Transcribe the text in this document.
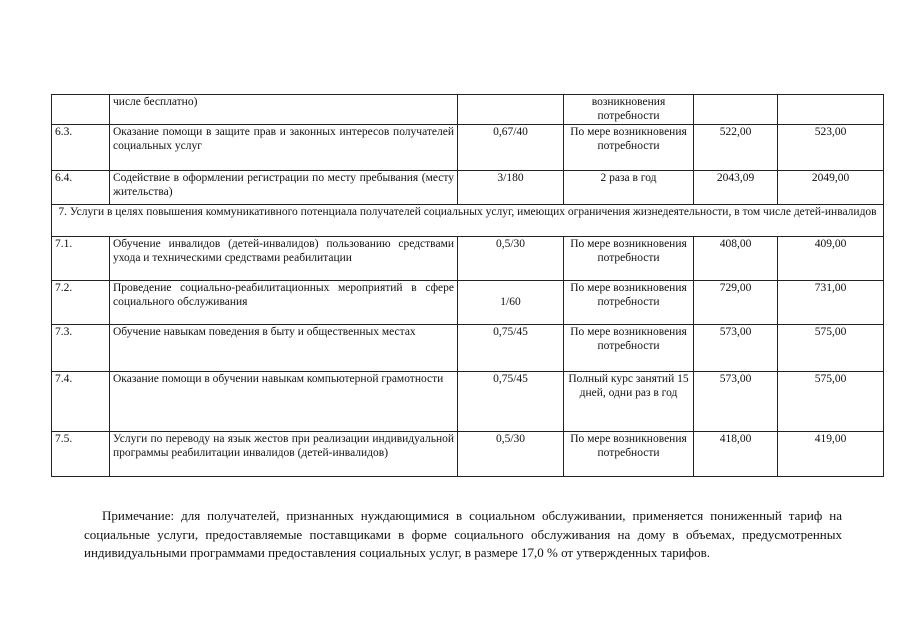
	числе бесплатно)		возникновения потребности		
6.3.	Оказание помощи в защите прав и законных интересов получателей социальных услуг	0,67/40	По мере возникновения потребности	522,00	523,00
6.4.	Содействие в оформлении регистрации по месту пребывания (месту жительства)	3/180	2 раза в год	2043,09	2049,00
7. Услуги в целях повышения коммуникативного потенциала получателей социальных услуг, имеющих ограничения жизнедеятельности, в том числе детей-инвалидов					
7.1.	Обучение инвалидов (детей-инвалидов) пользованию средствами ухода и техническими средствами реабилитации	0,5/30	По мере возникновения потребности	408,00	409,00
7.2.	Проведение социально-реабилитационных мероприятий в сфере социального обслуживания	1/60	По мере возникновения потребности	729,00	731,00
7.3.	Обучение навыкам поведения в быту и общественных местах	0,75/45	По мере возникновения потребности	573,00	575,00
7.4.	Оказание помощи в обучении навыкам компьютерной грамотности	0,75/45	Полный курс занятий 15 дней, одни раз в год	573,00	575,00
7.5.	Услуги по переводу на язык жестов при реализации индивидуальной программы реабилитации инвалидов (детей-инвалидов)	0,5/30	По мере возникновения потребности	418,00	419,00

Примечание: для получателей, признанных нуждающимися в социальном обслуживании, применяется пониженный тариф на социальные услуги, предоставляемые поставщиками в форме социального обслуживания на дому в объемах, предусмотренных индивидуальными программами предоставления социальных услуг, в размере 17,0 % от утвержденных тарифов.
